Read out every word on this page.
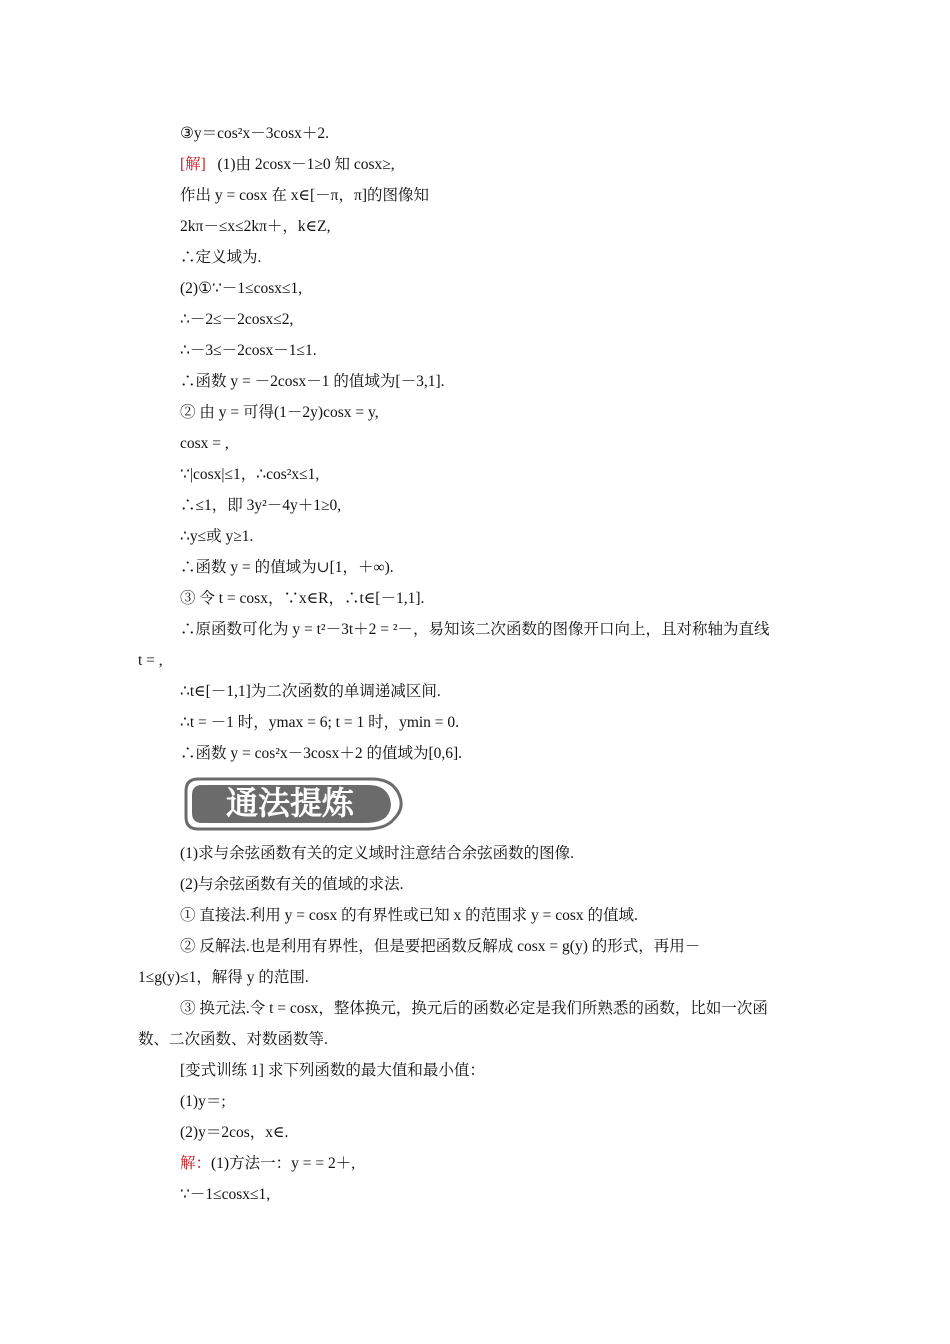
③y＝cos²x－3cosx＋2.
[解] (1)由 2cosx－1≥0 知 cosx≥,
作出 y = cosx 在 x∈[－π，π]的图像知
2kπ－≤x≤2kπ＋，k∈Z,
∴定义域为.
(2)①∵－1≤cosx≤1,
∴－2≤－2cosx≤2,
∴－3≤－2cosx－1≤1.
∴函数 y = －2cosx－1 的值域为[－3,1].
② 由 y = 可得(1－2y)cosx = y,
cosx = ,
∵|cosx|≤1，∴cos²x≤1,
∴≤1，即 3y²－4y＋1≥0,
∴y≤或 y≥1.
∴函数 y = 的值域为∪[1，＋∞).
③ 令 t = cosx，∵x∈R，∴t∈[－1,1].
∴原函数可化为 y = t²－3t＋2 = ²－，易知该二次函数的图像开口向上，且对称轴为直线
t = ,
∴t∈[－1,1]为二次函数的单调递减区间.
∴t = －1 时，ymax = 6; t = 1 时，ymin = 0.
∴函数 y = cos²x－3cosx＋2 的值域为[0,6].
通法提炼
(1)求与余弦函数有关的定义域时注意结合余弦函数的图像.
(2)与余弦函数有关的值域的求法.
① 直接法.利用 y = cosx 的有界性或已知 x 的范围求 y = cosx 的值域.
② 反解法.也是利用有界性，但是要把函数反解成 cosx = g(y) 的形式，再用－
1≤g(y)≤1，解得 y 的范围.
③ 换元法.令 t = cosx，整体换元，换元后的函数必定是我们所熟悉的函数，比如一次函
数、二次函数、对数函数等.
[变式训练 1] 求下列函数的最大值和最小值：
(1)y＝;
(2)y＝2cos，x∈.
解：(1)方法一：y = = 2＋,
∵－1≤cosx≤1,
